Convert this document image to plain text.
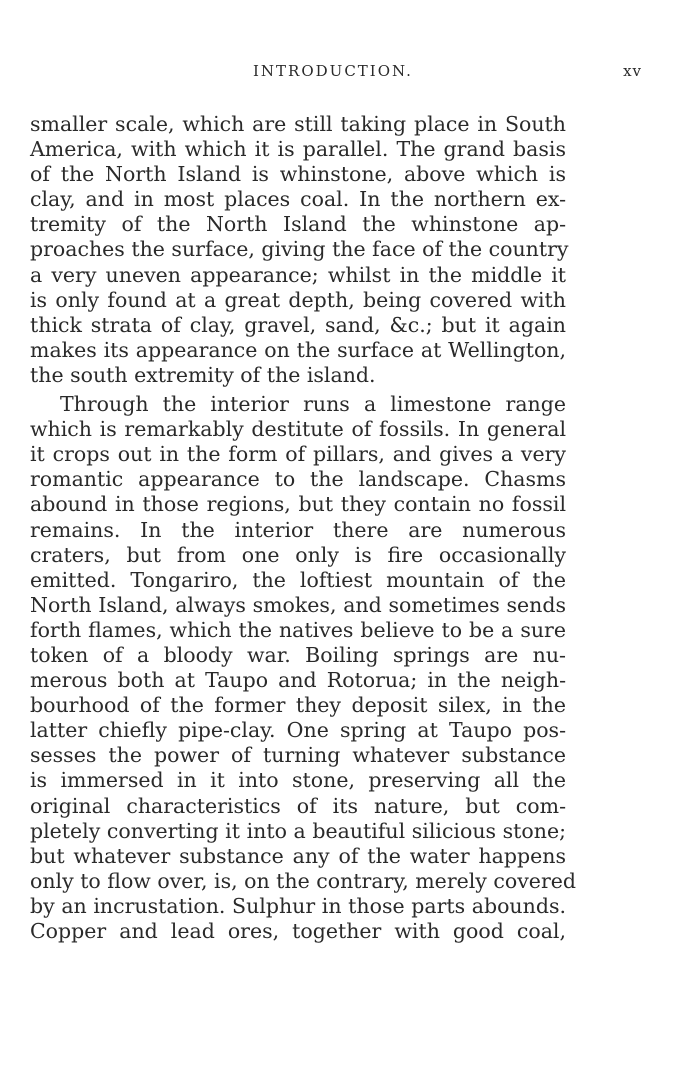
INTRODUCTION.	xv
smaller scale, which are still taking place in South
America, with which it is parallel. The grand basis
of the North Island is whinstone, above which is
clay, and in most places coal. In the northern ex-
tremity of the North Island the whinstone ap-
proaches the surface, giving the face of the country
a very uneven appearance; whilst in the middle it
is only found at a great depth, being covered with
thick strata of clay, gravel, sand, &c.; but it again
makes its appearance on the surface at Wellington,
the south extremity of the island.
Through the interior runs a limestone range
which is remarkably destitute of fossils. In general
it crops out in the form of pillars, and gives a very
romantic appearance to the landscape. Chasms
abound in those regions, but they contain no fossil
remains. In the interior there are numerous
craters, but from one only is fire occasionally
emitted. Tongariro, the loftiest mountain of the
North Island, always smokes, and sometimes sends
forth flames, which the natives believe to be a sure
token of a bloody war. Boiling springs are nu-
merous both at Taupo and Rotorua; in the neigh-
bourhood of the former they deposit silex, in the
latter chiefly pipe-clay. One spring at Taupo pos-
sesses the power of turning whatever substance
is immersed in it into stone, preserving all the
original characteristics of its nature, but com-
pletely converting it into a beautiful silicious stone;
but whatever substance any of the water happens
only to flow over, is, on the contrary, merely covered
by an incrustation. Sulphur in those parts abounds.
Copper and lead ores, together with good coal,
